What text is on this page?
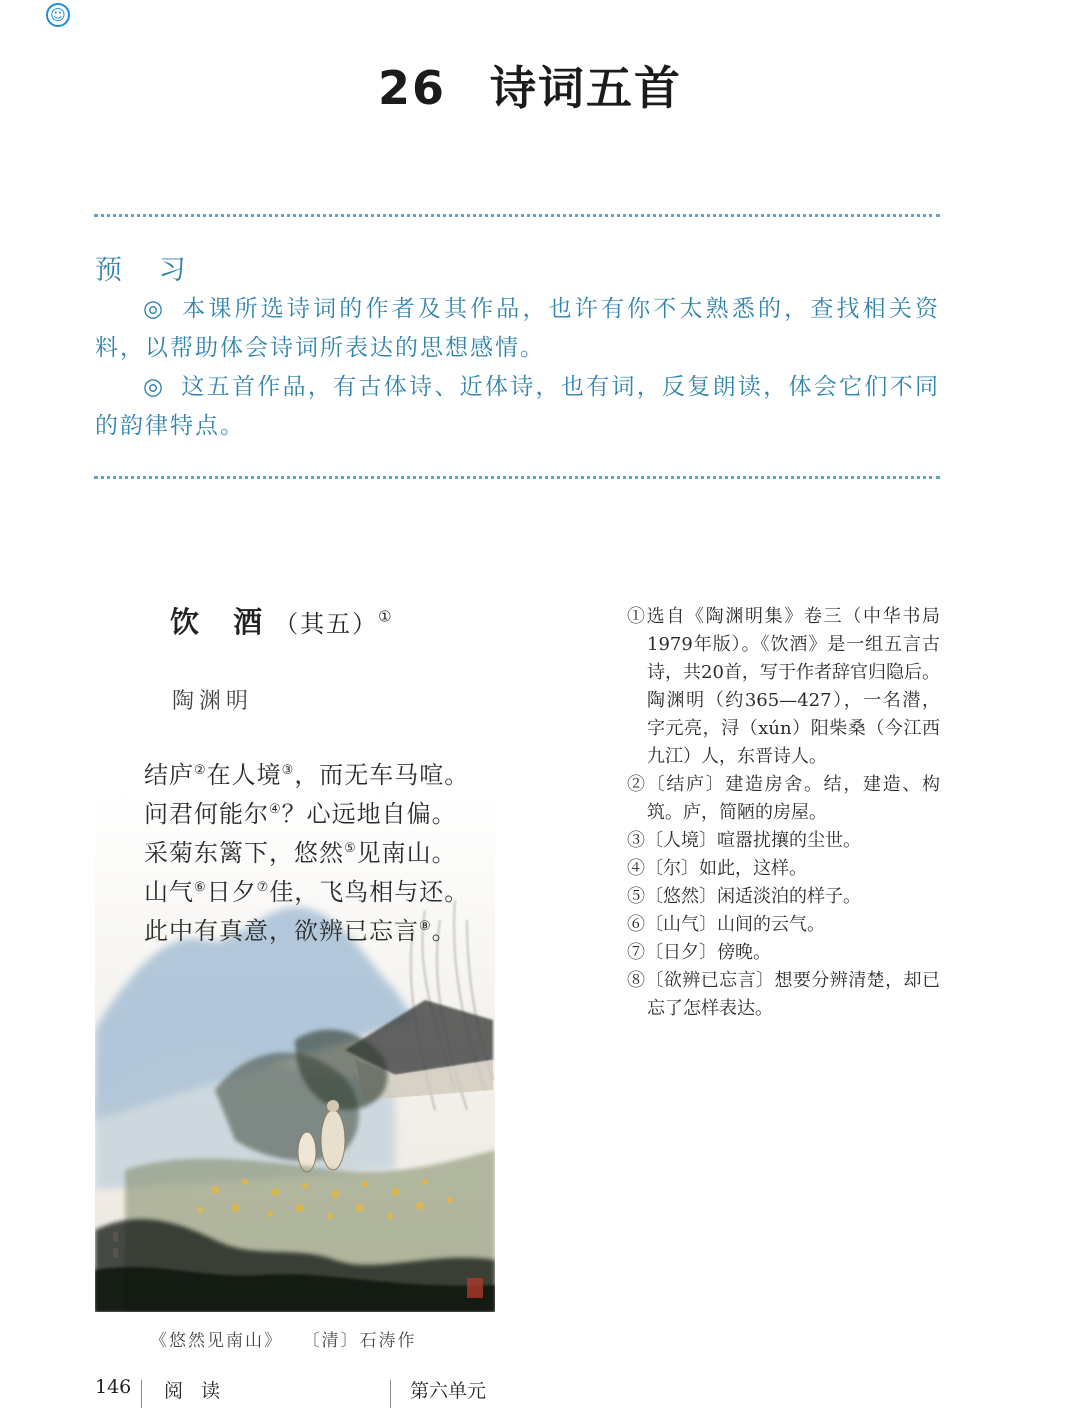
☺
26 诗词五首
预 习
◎ 本课所选诗词的作者及其作品，也许有你不太熟悉的，查找相关资料，以帮助体会诗词所表达的思想感情。
◎ 这五首作品，有古体诗、近体诗，也有词，反复朗读，体会它们不同的韵律特点。
饮 酒（其五）①
陶渊明
结庐②在人境③，而无车马喧。
问君何能尔④？心远地自偏。
采菊东篱下，悠然⑤见南山。
山气⑥日夕⑦佳，飞鸟相与还。
此中有真意，欲辨已忘言⑧。
《悠然见南山》 〔清〕石涛作
①选自《陶渊明集》卷三（中华书局1979年版）。《饮酒》是一组五言古诗，共20首，写于作者辞官归隐后。陶渊明（约365—427），一名潜，字元亮，浔（xún）阳柴桑（今江西九江）人，东晋诗人。
②〔结庐〕建造房舍。结，建造、构筑。庐，简陋的房屋。
③〔人境〕喧嚣扰攘的尘世。
④〔尔〕如此，这样。
⑤〔悠然〕闲适淡泊的样子。
⑥〔山气〕山间的云气。
⑦〔日夕〕傍晚。
⑧〔欲辨已忘言〕想要分辨清楚，却已忘了怎样表达。
146 阅 读	第六单元
